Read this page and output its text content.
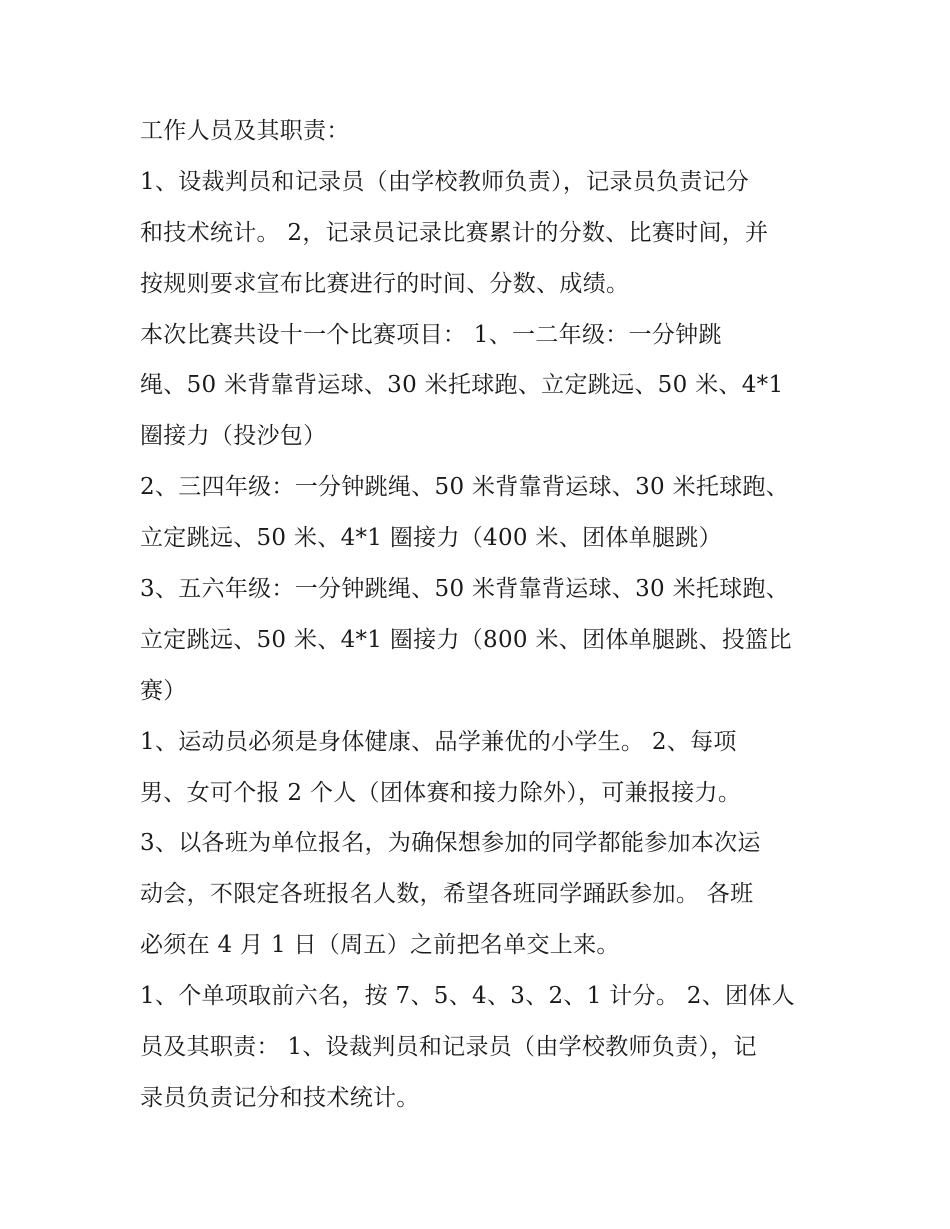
工作人员及其职责：
1、设裁判员和记录员（由学校教师负责），记录员负责记分
和技术统计。 2，记录员记录比赛累计的分数、比赛时间，并
按规则要求宣布比赛进行的时间、分数、成绩。
本次比赛共设十一个比赛项目： 1、一二年级：一分钟跳
绳、50 米背靠背运球、30 米托球跑、立定跳远、50 米、4*1
圈接力（投沙包）
2、三四年级：一分钟跳绳、50 米背靠背运球、30 米托球跑、
立定跳远、50 米、4*1 圈接力（400 米、团体单腿跳）
3、五六年级：一分钟跳绳、50 米背靠背运球、30 米托球跑、
立定跳远、50 米、4*1 圈接力（800 米、团体单腿跳、投篮比
赛）
1、运动员必须是身体健康、品学兼优的小学生。 2、每项
男、女可个报 2 个人（团体赛和接力除外），可兼报接力。
3、以各班为单位报名，为确保想参加的同学都能参加本次运
动会，不限定各班报名人数，希望各班同学踊跃参加。 各班
必须在 4 月 1 日（周五）之前把名单交上来。
1、个单项取前六名，按 7、5、4、3、2、1 计分。 2、团体人
员及其职责： 1、设裁判员和记录员（由学校教师负责），记
录员负责记分和技术统计。
